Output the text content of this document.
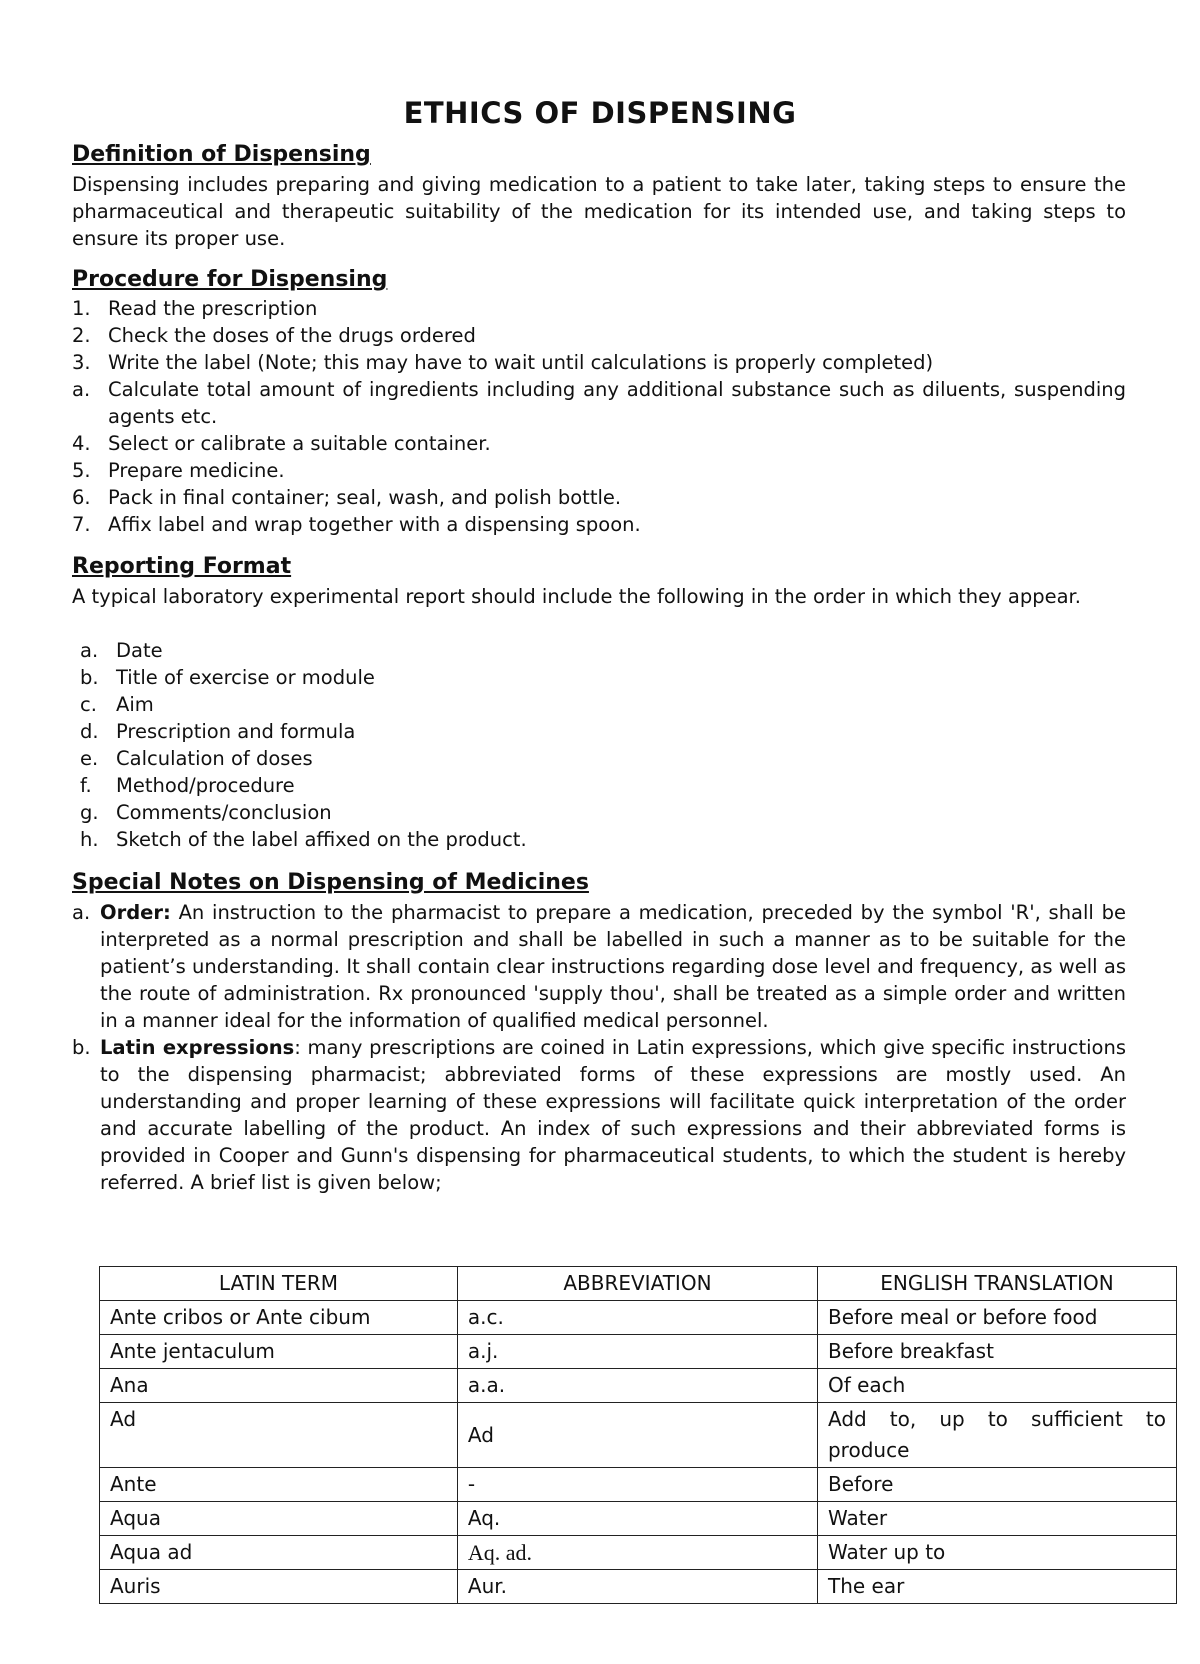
ETHICS OF DISPENSING
Definition of Dispensing
Dispensing includes preparing and giving medication to a patient to take later, taking steps to ensure the pharmaceutical and therapeutic suitability of the medication for its intended use, and taking steps to ensure its proper use.
Procedure for Dispensing
1. Read the prescription
2. Check the doses of the drugs ordered
3. Write the label (Note; this may have to wait until calculations is properly completed)
a. Calculate total amount of ingredients including any additional substance such as diluents, suspending agents etc.
4. Select or calibrate a suitable container.
5. Prepare medicine.
6. Pack in final container; seal, wash, and polish bottle.
7. Affix label and wrap together with a dispensing spoon.
Reporting Format
A typical laboratory experimental report should include the following in the order in which they appear.
a. Date
b. Title of exercise or module
c. Aim
d. Prescription and formula
e. Calculation of doses
f. Method/procedure
g. Comments/conclusion
h. Sketch of the label affixed on the product.
Special Notes on Dispensing of Medicines
a. Order: An instruction to the pharmacist to prepare a medication, preceded by the symbol 'R', shall be interpreted as a normal prescription and shall be labelled in such a manner as to be suitable for the patient’s understanding. It shall contain clear instructions regarding dose level and frequency, as well as the route of administration. Rx pronounced 'supply thou', shall be treated as a simple order and written in a manner ideal for the information of qualified medical personnel.
b. Latin expressions: many prescriptions are coined in Latin expressions, which give specific instructions to the dispensing pharmacist; abbreviated forms of these expressions are mostly used. An understanding and proper learning of these expressions will facilitate quick interpretation of the order and accurate labelling of the product. An index of such expressions and their abbreviated forms is provided in Cooper and Gunn's dispensing for pharmaceutical students, to which the student is hereby referred. A brief list is given below;
LATIN TERM	ABBREVIATION	ENGLISH TRANSLATION
Ante cribos or Ante cibum	a.c.	Before meal or before food
Ante jentaculum	a.j.	Before breakfast
Ana	a.a.	Of each
Ad	Ad	Add to, up to sufficient to produce
Ante	-	Before
Aqua	Aq.	Water
Aqua ad	Aq. ad.	Water up to
Auris	Aur.	The ear
